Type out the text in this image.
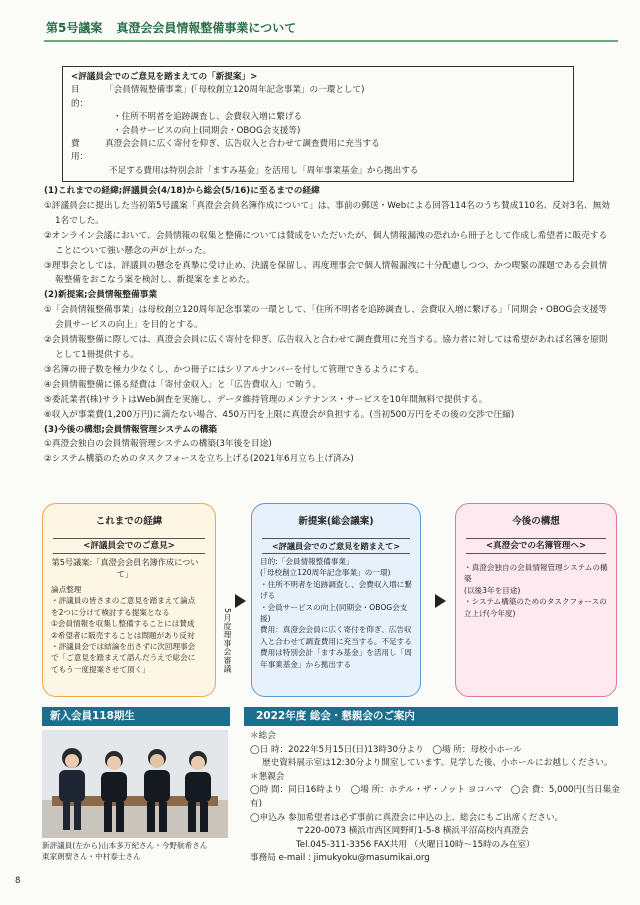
第5号議案 真澄会会員情報整備事業について
<評議員会でのご意見を踏まえての「新提案」>
目　的：
「会員情報整備事業」(「母校創立120周年記念事業」の一環として)
・住所不明者を追跡調査し、会費収入増に繋げる
・会員サービスの向上(同期会・OBOG会支援等)
費　用：
真澄会会員に広く寄付を仰ぎ、広告収入と合わせて調査費用に充当する
不足する費用は特別会計「ますみ基金」を活用し「周年事業基金」から拠出する
(1)これまでの経緯;評議員会(4/18)から総会(5/16)に至るまでの経緯
①評議員会に提出した当初第5号議案「真澄会会員名簿作成について」は、事前の郵送・Webによる回答114名のうち賛成110名、反対3名、無効1名でした。
②オンライン会議において、会員情報の収集と整備については賛成をいただいたが、個人情報漏洩の恐れから冊子として作成し希望者に販売することについて強い懸念の声が上がった。
③理事会としては、評議員の懸念を真摯に受け止め、決議を保留し、再度理事会で個人情報漏洩に十分配慮しつつ、かつ喫緊の課題である会員情報整備をおこなう案を検討し、新提案をまとめた。
(2)新提案;会員情報整備事業
①「会員情報整備事業」は母校創立120周年記念事業の一環として、「住所不明者を追跡調査し、会費収入増に繋げる」「同期会・OBOG会支援等会員サービスの向上」を目的とする。
②会員情報整備に際しては、真澄会会員に広く寄付を仰ぎ、広告収入と合わせて調査費用に充当する。協力者に対しては希望があれば名簿を原則として1冊提供する。
③名簿の冊子数を極力少なくし、かつ冊子にはシリアルナンバーを付して管理できるようにする。
④会員情報整備に係る経費は「寄付金収入」と「広告費収入」で賄う。
⑤委託業者(株)サラトはWeb調査を実施し、データ維持管理のメンテナンス・サービスを10年間無料で提供する。
⑥収入が事業費(1,200万円)に満たない場合、450万円を上限に真澄会が負担する。(当初500万円をその後の交渉で圧縮)
(3)今後の構想;会員情報管理システムの構築
①真澄会独自の会員情報管理システムの構築(3年後を目途)
②システム構築のためのタスクフォースを立ち上げる(2021年6月立ち上げ済み)
これまでの経緯
<評議員会でのご意見>
第5号議案:「真澄会会員名簿作成について」
論点整理
・評議員の皆さまのご意見を踏まえて論点を2つに分けて検討する提案となる
①会員情報を収集し整備することには賛成
②希望者に販売することは問題があり反対
・評議員会では結論を出さずに次回理事会で「ご意見を踏まえて諮んだうえで総会にてもう一度提案させて頂く」	5月度理事会審議
新提案(総会議案)
<評議員会でのご意見を踏まえて>
目的:「会員情報整備事業」
(「母校創立120周年記念事業」の一環)
・住所不明者を追跡調査し、会費収入増に繋げる
・会員サービスの向上(同期会・OBOG会支援)
費用：真澄会会員に広く寄付を仰ぎ、広告収入と合わせて調査費用に充当する。不足する費用は特別会計「ますみ基金」を活用し「周年事業基金」から拠出する
今後の構想
<真澄会での名簿管理へ>
・真澄会独自の会員情報管理システムの構築
(以後3年を目途)
・システム構築のためのタスクフォースの立上げ(今年度)
新入会員118期生
新評議員(左から)山本多万紀さん・今野航希さん
東家朗聖さん・中村泰士さん
2022年度 総会・懇親会のご案内
＊総会
◯日 時：2022年5月15日(日)13時30分より　◯場 所：母校小ホール
歴史資料展示室は12:30分より開室しています。見学した後、小ホールにお越しください。
＊懇親会
◯時 間：同日16時より　◯場 所：ホテル・ザ・ノット ヨコハマ　◯会 費：5,000円(当日集金有)
◯申込み 参加希望者は必ず事前に真澄会に申込の上、総会にもご出席ください。
〒220-0073 横浜市西区岡野町1-5-8 横浜平沼高校内真澄会
Tel.045-311-3356 FAX共用 （火曜日10時～15時のみ在室）
事務局 e-mail : jimukyoku@masumikai.org
8
